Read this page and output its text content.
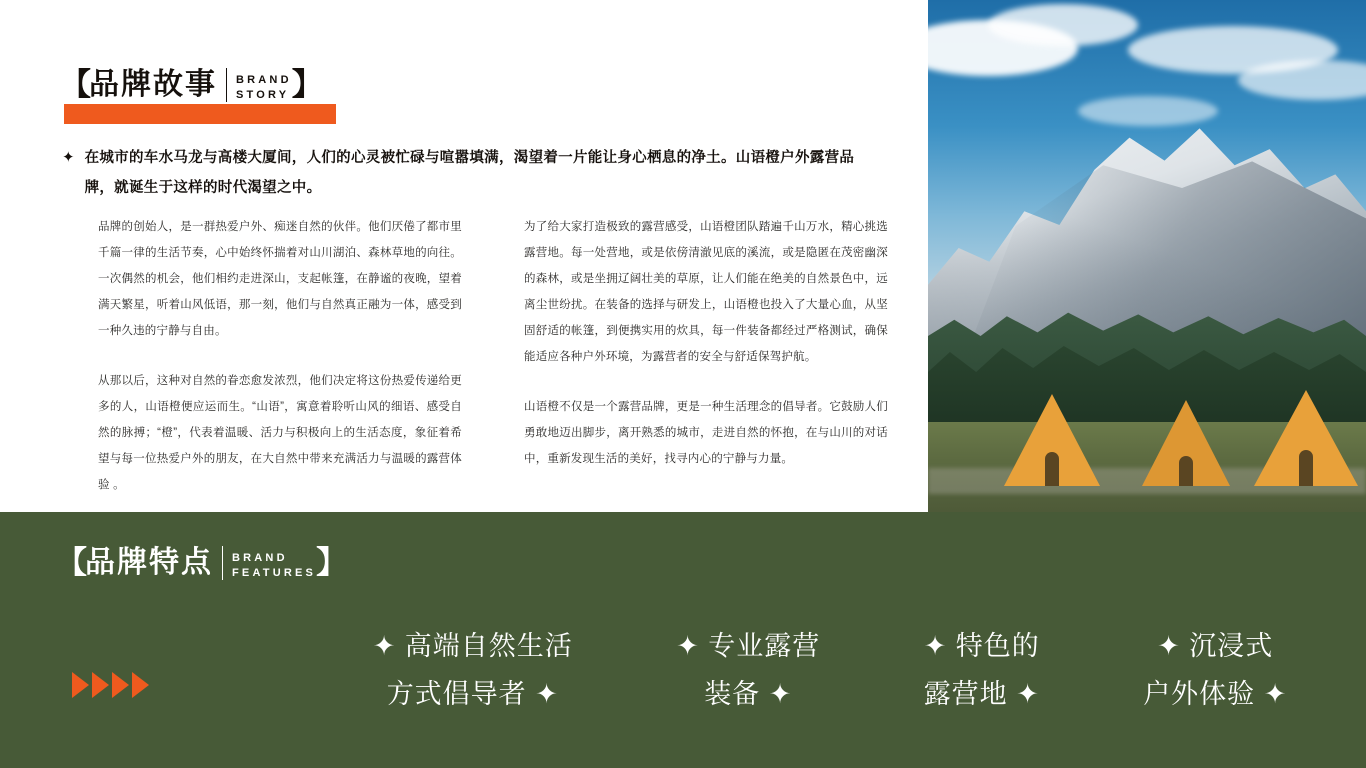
【 品牌故事 BRAND
STORY 】
✦ 在城市的车水马龙与高楼大厦间，人们的心灵被忙碌与喧嚣填满，渴望着一片能让身心栖息的净土。山语橙户外露营品牌，就诞生于这样的时代渴望之中。

品牌的创始人，是一群热爱户外、痴迷自然的伙伴。他们厌倦了都市里千篇一律的生活节奏，心中始终怀揣着对山川湖泊、森林草地的向往。一次偶然的机会，他们相约走进深山，支起帐篷，在静谧的夜晚，望着满天繁星，听着山风低语，那一刻，他们与自然真正融为一体，感受到一种久违的宁静与自由。

从那以后，这种对自然的眷恋愈发浓烈，他们决定将这份热爱传递给更多的人，山语橙便应运而生。“山语”，寓意着聆听山风的细语、感受自然的脉搏；“橙”，代表着温暖、活力与积极向上的生活态度，象征着希望与每一位热爱户外的朋友，在大自然中带来充满活力与温暖的露营体验 。

为了给大家打造极致的露营感受，山语橙团队踏遍千山万水，精心挑选露营地。每一处营地，或是依傍清澈见底的溪流，或是隐匿在茂密幽深的森林，或是坐拥辽阔壮美的草原，让人们能在绝美的自然景色中，远离尘世纷扰。在装备的选择与研发上，山语橙也投入了大量心血，从坚固舒适的帐篷，到便携实用的炊具，每一件装备都经过严格测试，确保能适应各种户外环境，为露营者的安全与舒适保驾护航。

山语橙不仅是一个露营品牌，更是一种生活理念的倡导者。它鼓励人们勇敢地迈出脚步，离开熟悉的城市，走进自然的怀抱，在与山川的对话中，重新发现生活的美好，找寻内心的宁静与力量。

【 品牌特点 BRAND
FEATURES 】
✦ 高端自然生活
方式倡导者 ✦
✦ 专业露营
装备 ✦
✦ 特色的
露营地 ✦
✦ 沉浸式
户外体验 ✦
